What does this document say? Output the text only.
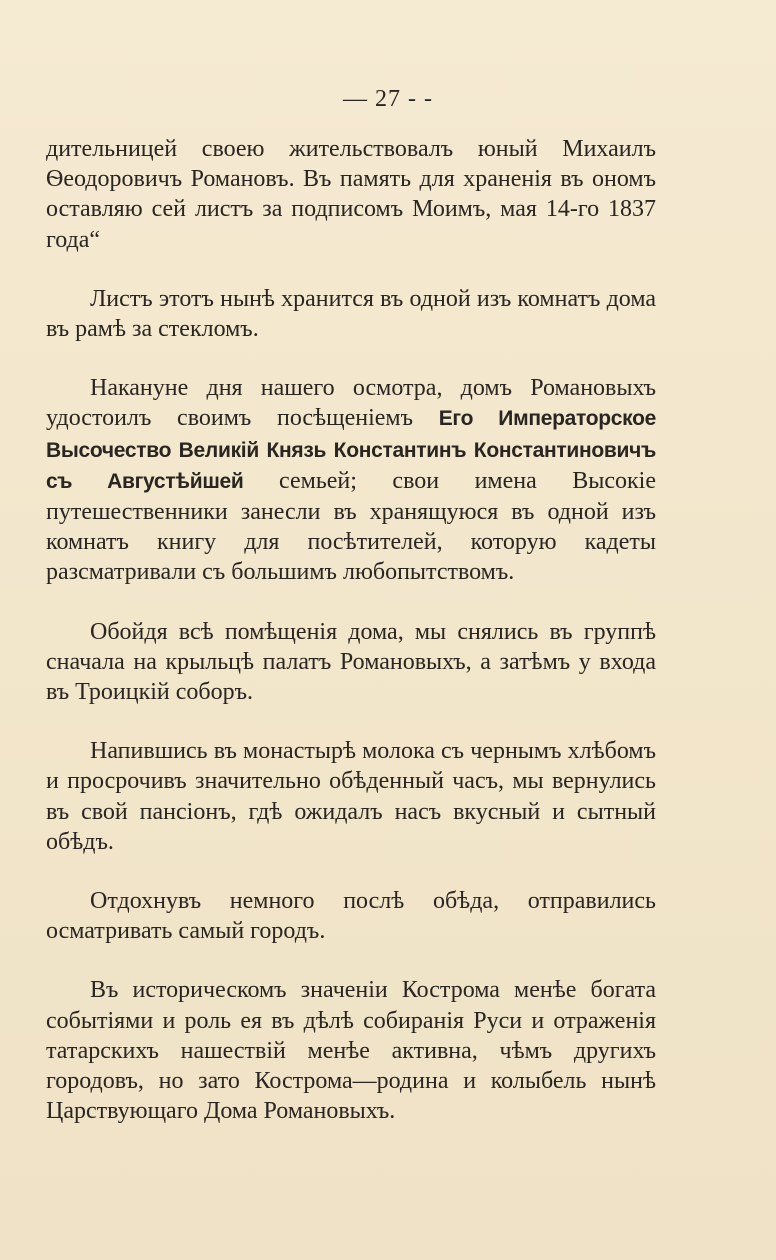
— 27 - -

дительницей своею жительствовалъ юный Михаилъ Ѳеодоровичъ Романовъ. Въ память для храненія въ ономъ оставляю сей листъ за подписомъ Моимъ, мая 14-го 1837 года“

Листъ этотъ нынѣ хранится въ одной изъ комнатъ дома въ рамѣ за стекломъ.

Накануне дня нашего осмотра, домъ Романовыхъ удостоилъ своимъ посѣщеніемъ Его Императорское Высочество Великій Князь Константинъ Константиновичъ съ Августѣйшей семьей; свои имена Высокіе путешественники занесли въ хранящуюся въ одной изъ комнатъ книгу для посѣтителей, которую кадеты разсматривали съ большимъ любопытствомъ.

Обойдя всѣ помѣщенія дома, мы снялись въ группѣ сначала на крыльцѣ палатъ Романовыхъ, а затѣмъ у входа въ Троицкій соборъ.

Напившись въ монастырѣ молока съ чернымъ хлѣбомъ и просрочивъ значительно обѣденный часъ, мы вернулись въ свой пансіонъ, гдѣ ожидалъ насъ вкусный и сытный обѣдъ.

Отдохнувъ немного послѣ обѣда, отправились осматривать самый городъ.

Въ историческомъ значеніи Кострома менѣе богата событіями и роль ея въ дѣлѣ собиранія Руси и отраженія татарскихъ нашествій менѣе активна, чѣмъ другихъ городовъ, но зато Кострома—родина и колыбель нынѣ Царствующаго Дома Романовыхъ.
